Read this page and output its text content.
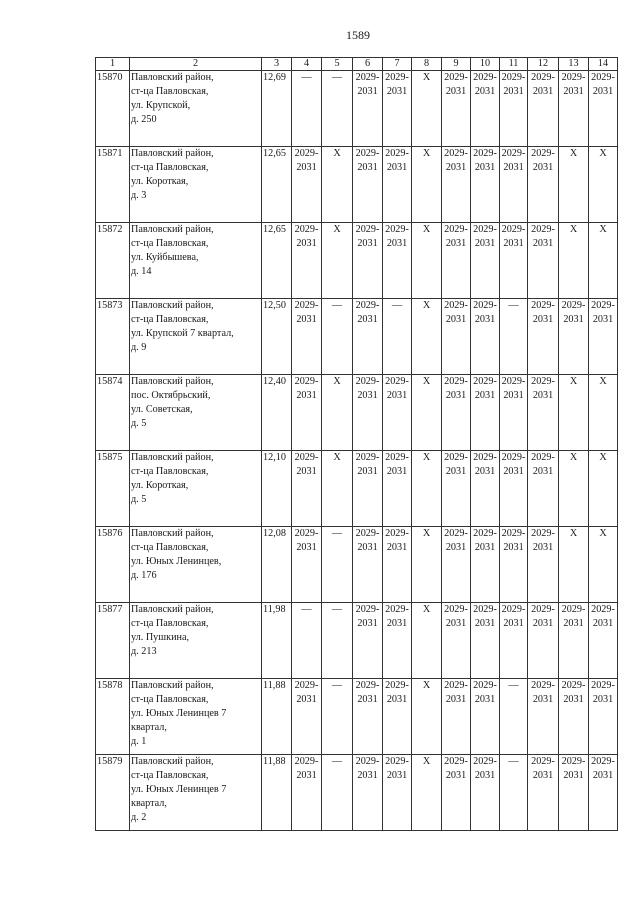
1589
1	2	3	4	5	6	7	8	9	10	11	12	13	14
15870	Павловский район,
ст-ца Павловская,
ул. Крупской,
д. 250	12,69	—	—	2029-
2031	2029-
2031	X	2029-
2031	2029-
2031	2029-
2031	2029-
2031	2029-
2031	2029-
2031

15871	Павловский район,
ст-ца Павловская,
ул. Короткая,
д. 3	12,65	2029-
2031	X	2029-
2031	2029-
2031	X	2029-
2031	2029-
2031	2029-
2031	2029-
2031	X	X

15872	Павловский район,
ст-ца Павловская,
ул. Куйбышева,
д. 14	12,65	2029-
2031	X	2029-
2031	2029-
2031	X	2029-
2031	2029-
2031	2029-
2031	2029-
2031	X	X

15873	Павловский район,
ст-ца Павловская,
ул. Крупской 7 квартал,
д. 9	12,50	2029-
2031	—	2029-
2031	—	X	2029-
2031	2029-
2031	—	2029-
2031	2029-
2031	2029-
2031

15874	Павловский район,
пос. Октябрьский,
ул. Советская,
д. 5	12,40	2029-
2031	X	2029-
2031	2029-
2031	X	2029-
2031	2029-
2031	2029-
2031	2029-
2031	X	X

15875	Павловский район,
ст-ца Павловская,
ул. Короткая,
д. 5	12,10	2029-
2031	X	2029-
2031	2029-
2031	X	2029-
2031	2029-
2031	2029-
2031	2029-
2031	X	X

15876	Павловский район,
ст-ца Павловская,
ул. Юных Ленинцев,
д. 176	12,08	2029-
2031	—	2029-
2031	2029-
2031	X	2029-
2031	2029-
2031	2029-
2031	2029-
2031	X	X

15877	Павловский район,
ст-ца Павловская,
ул. Пушкина,
д. 213	11,98	—	—	2029-
2031	2029-
2031	X	2029-
2031	2029-
2031	2029-
2031	2029-
2031	2029-
2031	2029-
2031

15878	Павловский район,
ст-ца Павловская,
ул. Юных Ленинцев 7
квартал,
д. 1	11,88	2029-
2031	—	2029-
2031	2029-
2031	X	2029-
2031	2029-
2031	—	2029-
2031	2029-
2031	2029-
2031

15879	Павловский район,
ст-ца Павловская,
ул. Юных Ленинцев 7
квартал,
д. 2	11,88	2029-
2031	—	2029-
2031	2029-
2031	X	2029-
2031	2029-
2031	—	2029-
2031	2029-
2031	2029-
2031
